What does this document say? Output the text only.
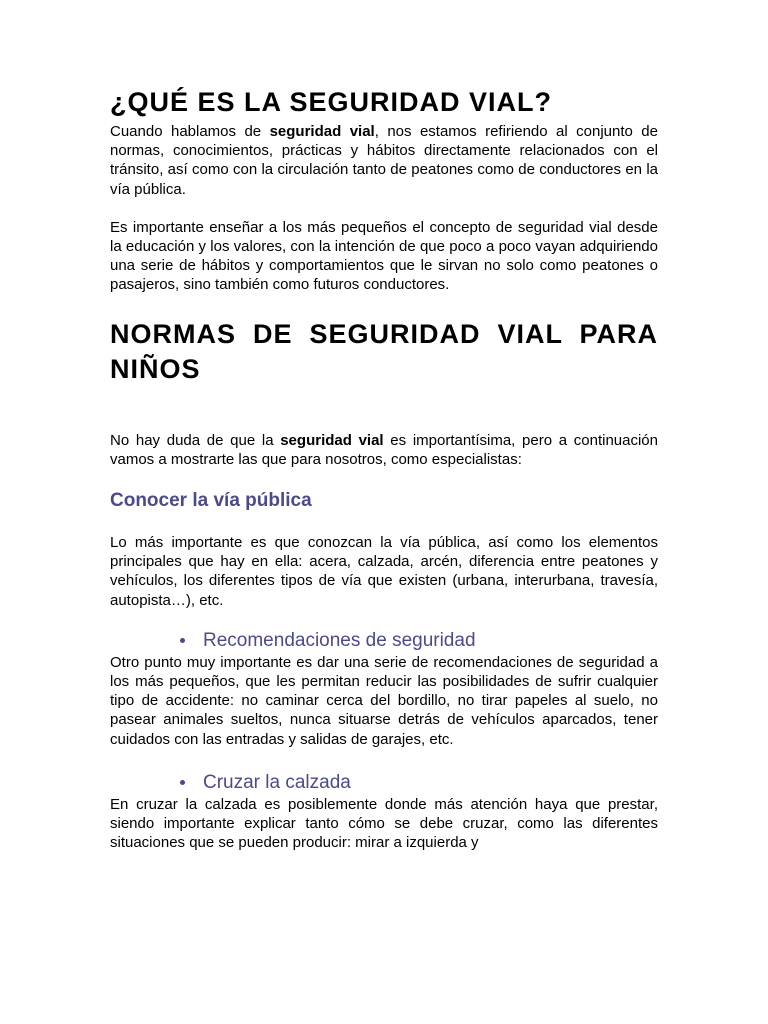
¿QUÉ ES LA SEGURIDAD VIAL?

Cuando hablamos de seguridad vial, nos estamos refiriendo al conjunto de normas, conocimientos, prácticas y hábitos directamente relacionados con el tránsito, así como con la circulación tanto de peatones como de conductores en la vía pública.

Es importante enseñar a los más pequeños el concepto de seguridad vial desde la educación y los valores, con la intención de que poco a poco vayan adquiriendo una serie de hábitos y comportamientos que le sirvan no solo como peatones o pasajeros, sino también como futuros conductores.

NORMAS DE SEGURIDAD VIAL PARA NIÑOS

No hay duda de que la seguridad vial es importantísima, pero a continuación vamos a mostrarte las que para nosotros, como especialistas:

Conocer la vía pública

Lo más importante es que conozcan la vía pública, así como los elementos principales que hay en ella: acera, calzada, arcén, diferencia entre peatones y vehículos, los diferentes tipos de vía que existen (urbana, interurbana, travesía, autopista…), etc.

Recomendaciones de seguridad

Otro punto muy importante es dar una serie de recomendaciones de seguridad a los más pequeños, que les permitan reducir las posibilidades de sufrir cualquier tipo de accidente: no caminar cerca del bordillo, no tirar papeles al suelo, no pasear animales sueltos, nunca situarse detrás de vehículos aparcados, tener cuidados con las entradas y salidas de garajes, etc.

Cruzar la calzada

En cruzar la calzada es posiblemente donde más atención haya que prestar, siendo importante explicar tanto cómo se debe cruzar, como las diferentes situaciones que se pueden producir: mirar a izquierda y
